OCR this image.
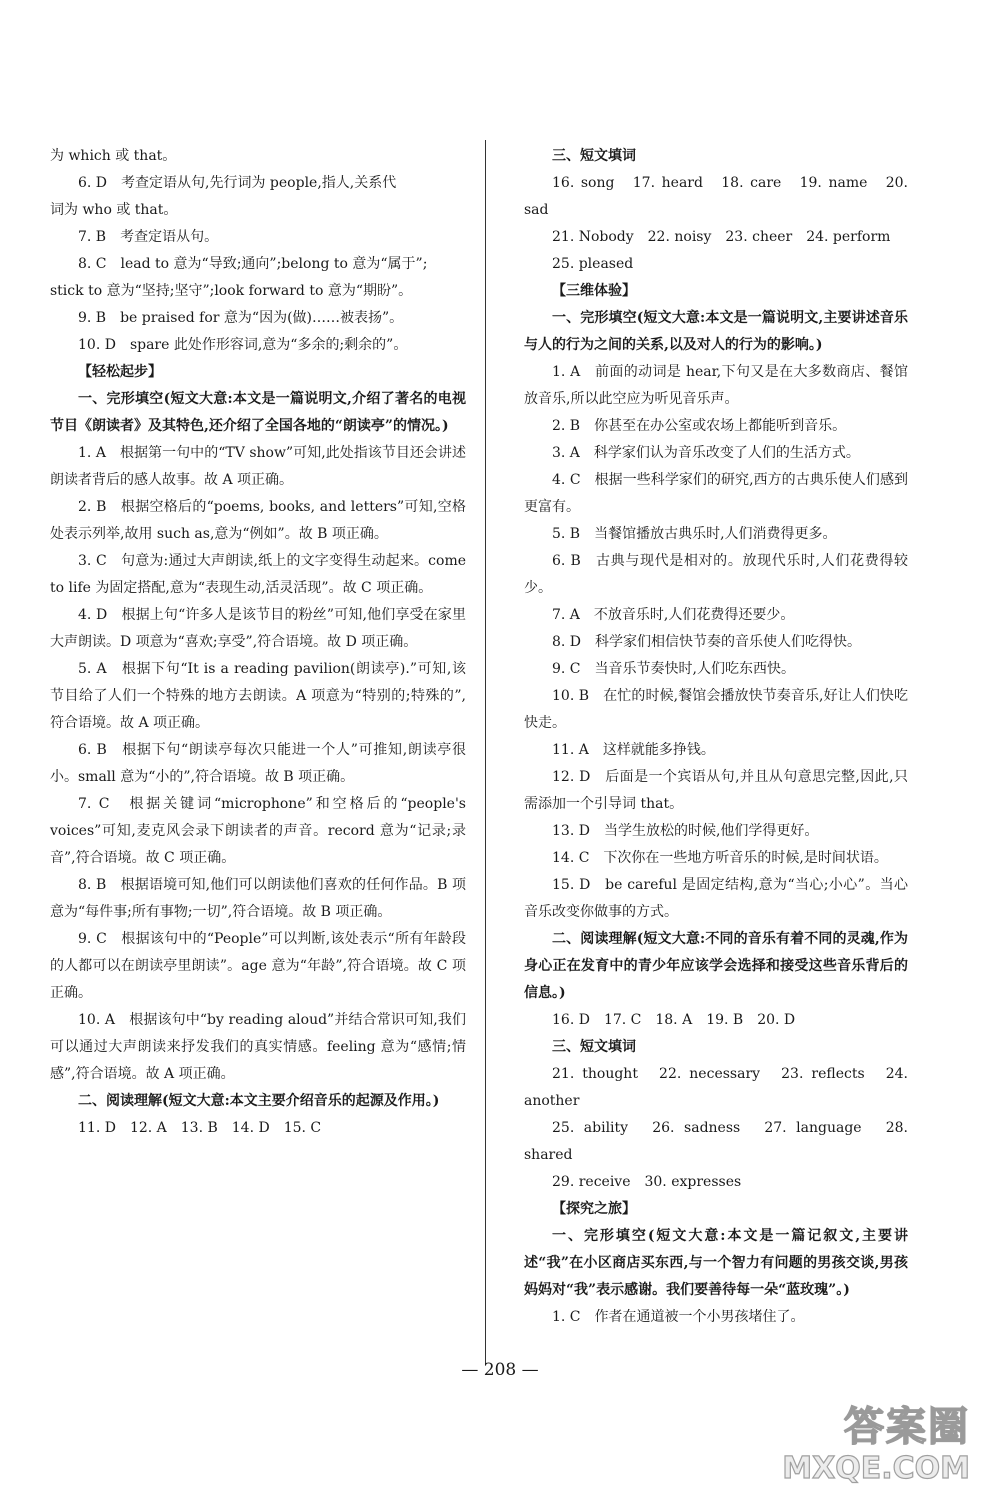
为 which 或 that。

6. D　考查定语从句,先行词为 people,指人,关系代

词为 who 或 that。

7. B　考查定语从句。

8. C　lead to 意为“导致;通向”;belong to 意为“属于”;

stick to 意为“坚持;坚守”;look forward to 意为“期盼”。

9. B　be praised for 意为“因为(做)……被表扬”。

10. D　spare 此处作形容词,意为“多余的;剩余的”。

【轻松起步】

一、完形填空(短文大意:本文是一篇说明文,介绍了著名的电视节目《朗读者》及其特色,还介绍了全国各地的“朗读亭”的情况。)

1. A　根据第一句中的“TV show”可知,此处指该节目还会讲述朗读者背后的感人故事。故 A 项正确。

2. B　根据空格后的“poems, books, and letters”可知,空格处表示列举,故用 such as,意为“例如”。故 B 项正确。

3. C　句意为:通过大声朗读,纸上的文字变得生动起来。come to life 为固定搭配,意为“表现生动,活灵活现”。故 C 项正确。

4. D　根据上句“许多人是该节目的粉丝”可知,他们享受在家里大声朗读。D 项意为“喜欢;享受”,符合语境。故 D 项正确。

5. A　根据下句“It is a reading pavilion(朗读亭).”可知,该节目给了人们一个特殊的地方去朗读。A 项意为“特别的;特殊的”,符合语境。故 A 项正确。

6. B　根据下句“朗读亭每次只能进一个人”可推知,朗读亭很小。small 意为“小的”,符合语境。故 B 项正确。

7. C　根据关键词“microphone”和空格后的“people's voices”可知,麦克风会录下朗读者的声音。record 意为“记录;录音”,符合语境。故 C 项正确。

8. B　根据语境可知,他们可以朗读他们喜欢的任何作品。B 项意为“每件事;所有事物;一切”,符合语境。故 B 项正确。

9. C　根据该句中的“People”可以判断,该处表示“所有年龄段的人都可以在朗读亭里朗读”。age 意为“年龄”,符合语境。故 C 项正确。

10. A　根据该句中“by reading aloud”并结合常识可知,我们可以通过大声朗读来抒发我们的真实情感。feeling 意为“感情;情感”,符合语境。故 A 项正确。

二、阅读理解(短文大意:本文主要介绍音乐的起源及作用。)

11. D　12. A　13. B　14. D　15. C

三、短文填词

16. song　17. heard　18. care　19. name　20. sad

21. Nobody　22. noisy　23. cheer　24. perform

25. pleased

【三维体验】

一、完形填空(短文大意:本文是一篇说明文,主要讲述音乐与人的行为之间的关系,以及对人的行为的影响。)

1. A　前面的动词是 hear,下句又是在大多数商店、餐馆放音乐,所以此空应为听见音乐声。

2. B　你甚至在办公室或农场上都能听到音乐。

3. A　科学家们认为音乐改变了人们的生活方式。

4. C　根据一些科学家们的研究,西方的古典乐使人们感到更富有。

5. B　当餐馆播放古典乐时,人们消费得更多。

6. B　古典与现代是相对的。放现代乐时,人们花费得较少。

7. A　不放音乐时,人们花费得还要少。

8. D　科学家们相信快节奏的音乐使人们吃得快。

9. C　当音乐节奏快时,人们吃东西快。

10. B　在忙的时候,餐馆会播放快节奏音乐,好让人们快吃快走。

11. A　这样就能多挣钱。

12. D　后面是一个宾语从句,并且从句意思完整,因此,只需添加一个引导词 that。

13. D　当学生放松的时候,他们学得更好。

14. C　下次你在一些地方听音乐的时候,是时间状语。

15. D　be careful 是固定结构,意为“当心;小心”。当心音乐改变你做事的方式。

二、阅读理解(短文大意:不同的音乐有着不同的灵魂,作为身心正在发育中的青少年应该学会选择和接受这些音乐背后的信息。)

16. D　17. C　18. A　19. B　20. D

三、短文填词

21. thought　22. necessary　23. reflects　24. another

25. ability　26. sadness　27. language　28. shared

29. receive　30. expresses

【探究之旅】

一、完形填空(短文大意:本文是一篇记叙文,主要讲述“我”在小区商店买东西,与一个智力有问题的男孩交谈,男孩妈妈对“我”表示感谢。我们要善待每一朵“蓝玫瑰”。)

1. C　作者在通道被一个小男孩堵住了。

— 208 —
答案圈
MXQE.COM
